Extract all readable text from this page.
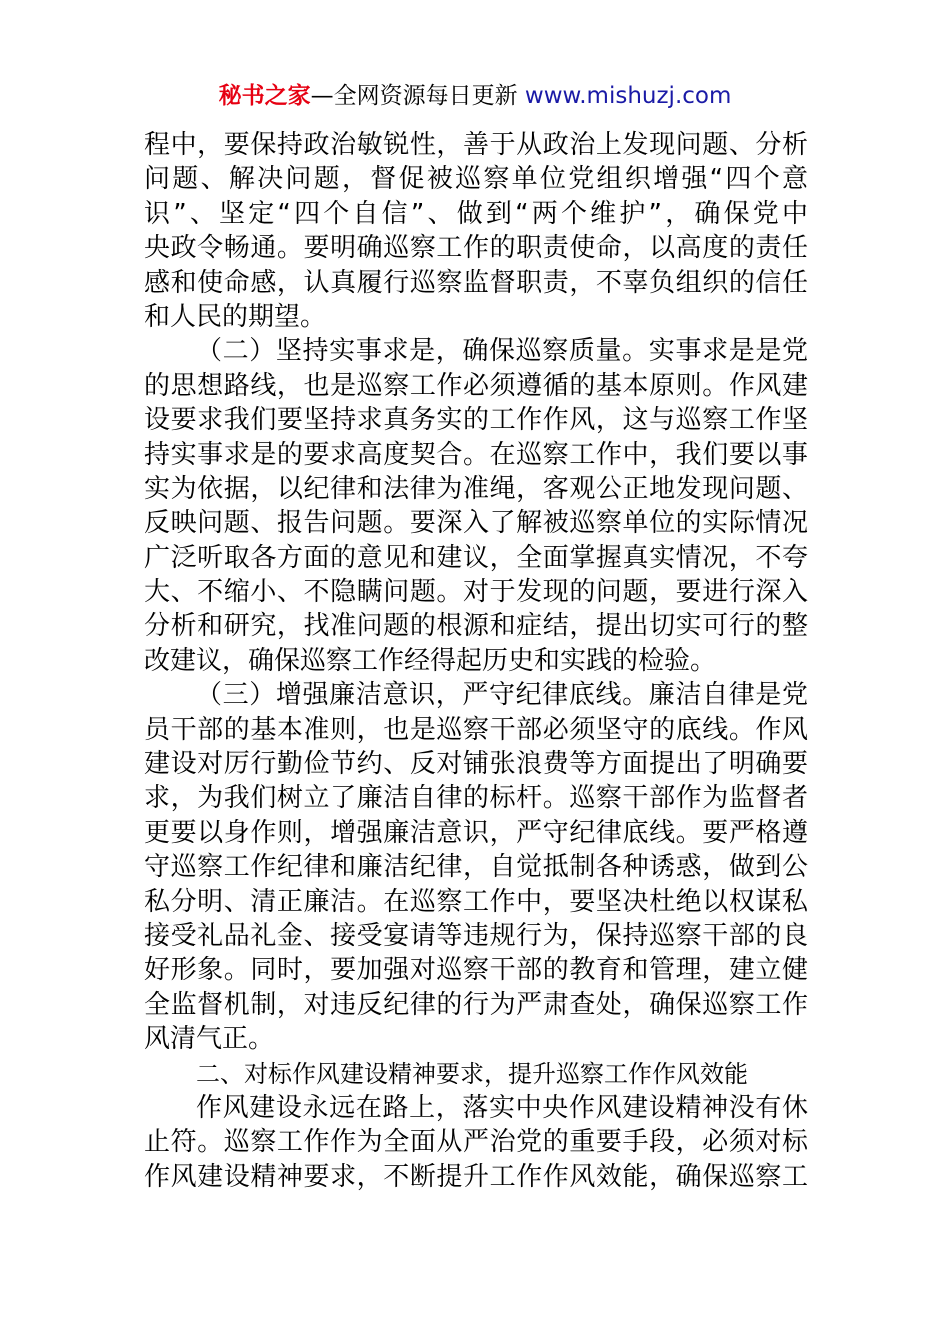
秘书之家—全网资源每日更新 www.mishuzj.com
程中，要保持政治敏锐性，善于从政治上发现问题、分析
问题、解决问题，督促被巡察单位党组织增强“四个意
识”、坚定“四个自信”、做到“两个维护”，确保党中
央政令畅通。要明确巡察工作的职责使命，以高度的责任
感和使命感，认真履行巡察监督职责，不辜负组织的信任
和人民的期望。
（二）坚持实事求是，确保巡察质量。实事求是是党
的思想路线，也是巡察工作必须遵循的基本原则。作风建
设要求我们要坚持求真务实的工作作风，这与巡察工作坚
持实事求是的要求高度契合。在巡察工作中，我们要以事
实为依据，以纪律和法律为准绳，客观公正地发现问题、
反映问题、报告问题。要深入了解被巡察单位的实际情况
广泛听取各方面的意见和建议，全面掌握真实情况，不夸
大、不缩小、不隐瞒问题。对于发现的问题，要进行深入
分析和研究，找准问题的根源和症结，提出切实可行的整
改建议，确保巡察工作经得起历史和实践的检验。
（三）增强廉洁意识，严守纪律底线。廉洁自律是党
员干部的基本准则，也是巡察干部必须坚守的底线。作风
建设对厉行勤俭节约、反对铺张浪费等方面提出了明确要
求，为我们树立了廉洁自律的标杆。巡察干部作为监督者
更要以身作则，增强廉洁意识，严守纪律底线。要严格遵
守巡察工作纪律和廉洁纪律，自觉抵制各种诱惑，做到公
私分明、清正廉洁。在巡察工作中，要坚决杜绝以权谋私
接受礼品礼金、接受宴请等违规行为，保持巡察干部的良
好形象。同时，要加强对巡察干部的教育和管理，建立健
全监督机制，对违反纪律的行为严肃查处，确保巡察工作
风清气正。
二、对标作风建设精神要求，提升巡察工作作风效能
作风建设永远在路上，落实中央作风建设精神没有休
止符。巡察工作作为全面从严治党的重要手段，必须对标
作风建设精神要求，不断提升工作作风效能，确保巡察工
